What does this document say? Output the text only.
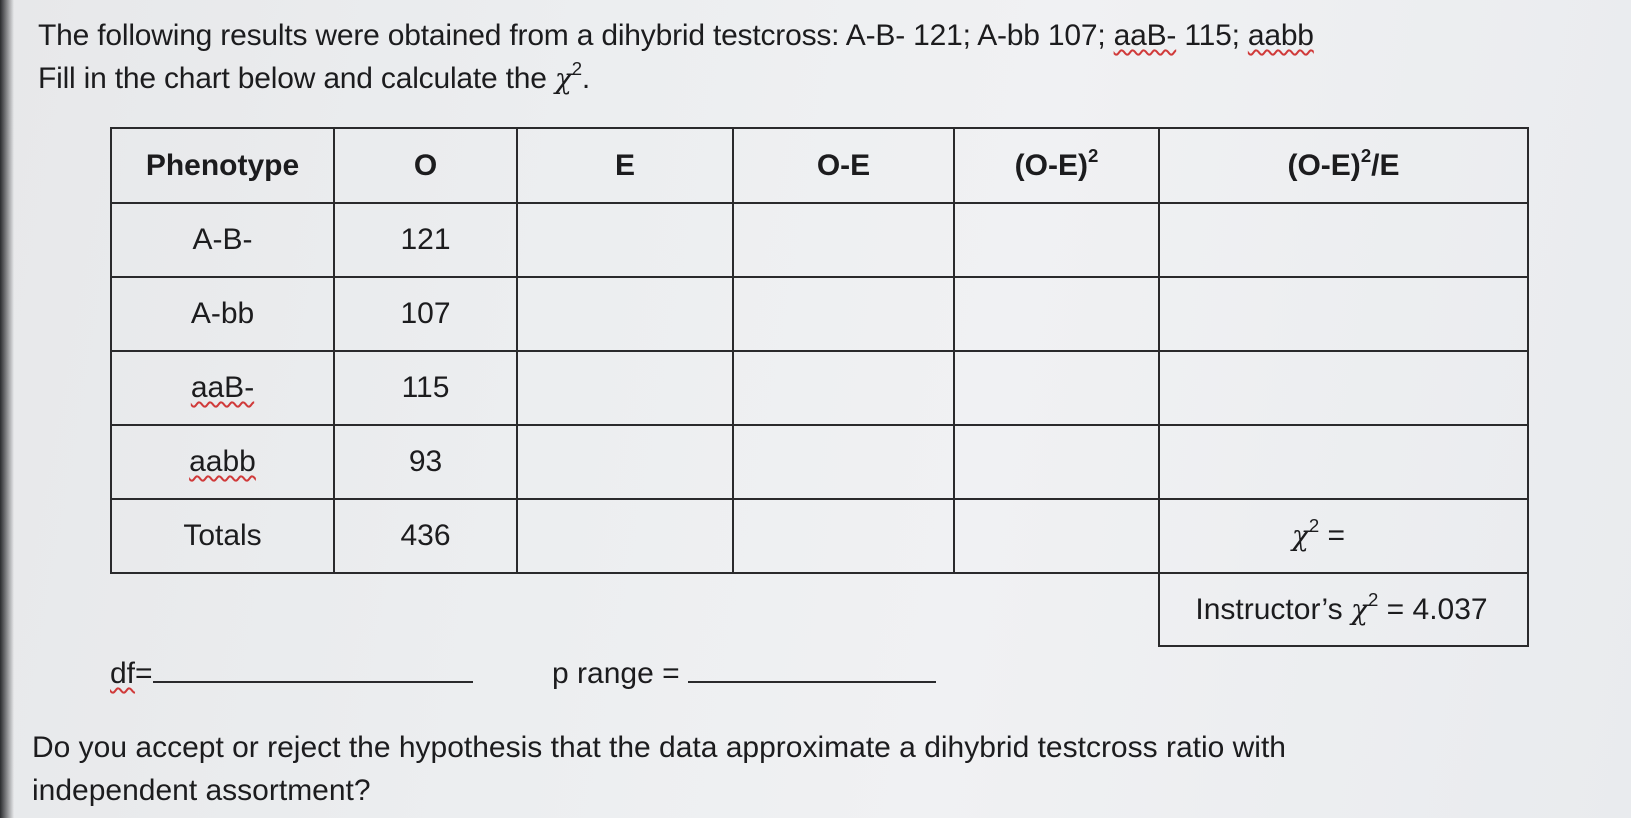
The following results were obtained from a dihybrid testcross: A-B- 121; A-bb 107; aaB- 115; aabb
Fill in the chart below and calculate the $\chi^2$.
Phenotype	O	E	O-E	$(O-E)^2$	$(O-E)^2/E$
A-B-	121				
A-bb	107				
aaB-	115				
aabb	93				
Totals	436				$\chi^2$ =
					Instructor’s $\chi^2 = 4.037$
df=	p range =
Do you accept or reject the hypothesis that the data approximate a dihybrid testcross ratio with
independent assortment?
